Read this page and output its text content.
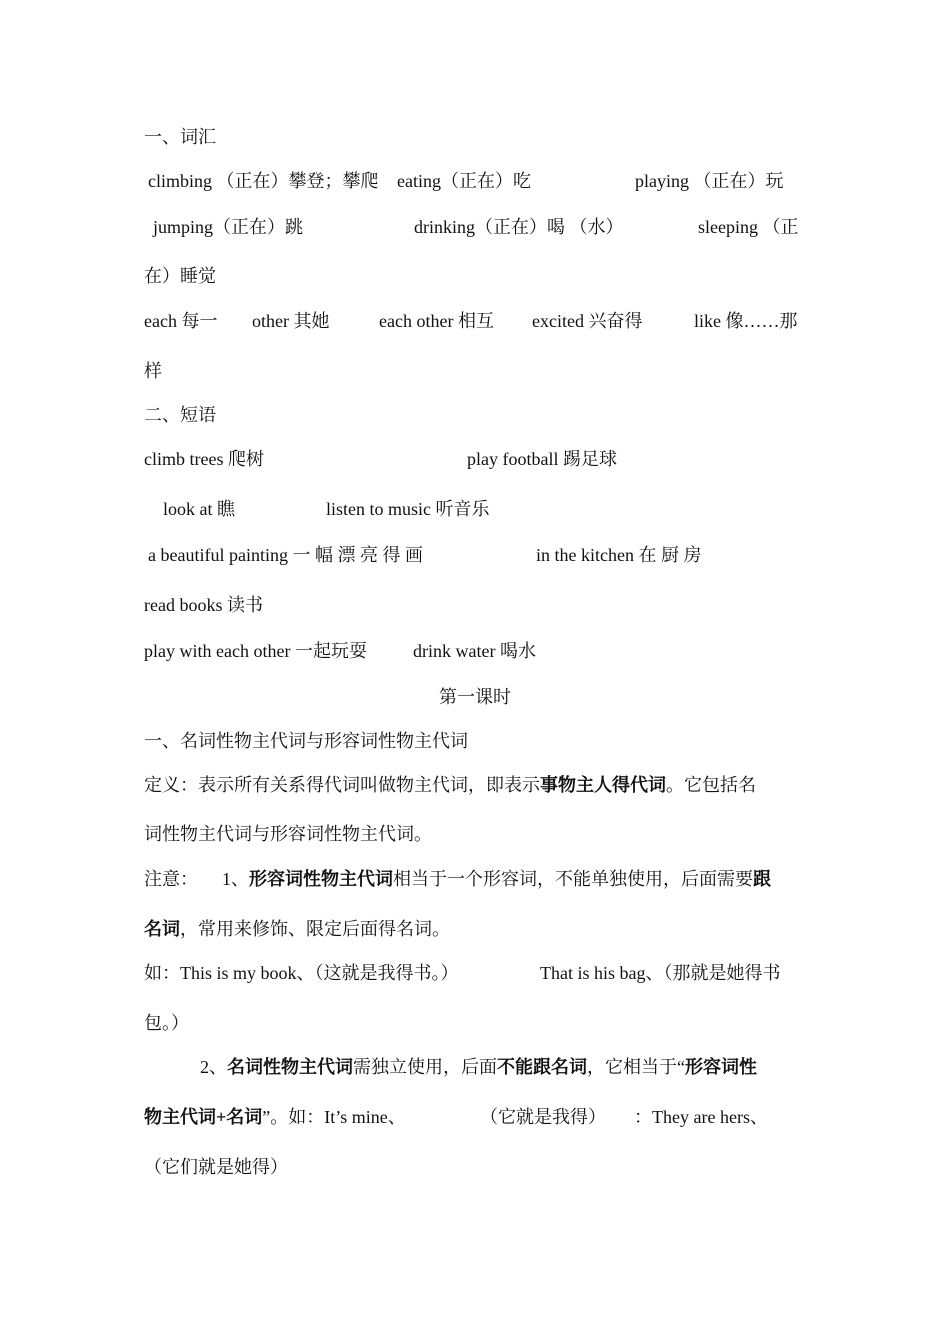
一、词汇
climbing （正在）攀登；攀爬 eating（正在）吃	playing （正在）玩
jumping（正在）跳	drinking（正在）喝 （水）	sleeping （正
在）睡觉
each 每一 other 其她	each other 相互 excited 兴奋得	like 像……那
样
二、短语
climb trees 爬树	play football 踢足球
look at 瞧	listen to music 听音乐
a beautiful painting 一 幅 漂 亮 得 画	in the kitchen 在 厨 房
read books 读书
play with each other 一起玩耍	drink water 喝水
第一课时
一、名词性物主代词与形容词性物主代词
定义：表示所有关系得代词叫做物主代词，即表示事物主人得代词。它包括名
词性物主代词与形容词性物主代词。
注意： 1、形容词性物主代词相当于一个形容词，不能单独使用，后面需要跟
名词，常用来修饰、限定后面得名词。
如：This is my book、（这就是我得书。）	That is his bag、（那就是她得书
包。）
2、名词性物主代词需独立使用，后面不能跟名词，它相当于“形容词性
物主代词+名词”。如：It’s mine、	（它就是我得） ：They are hers、
（它们就是她得）
